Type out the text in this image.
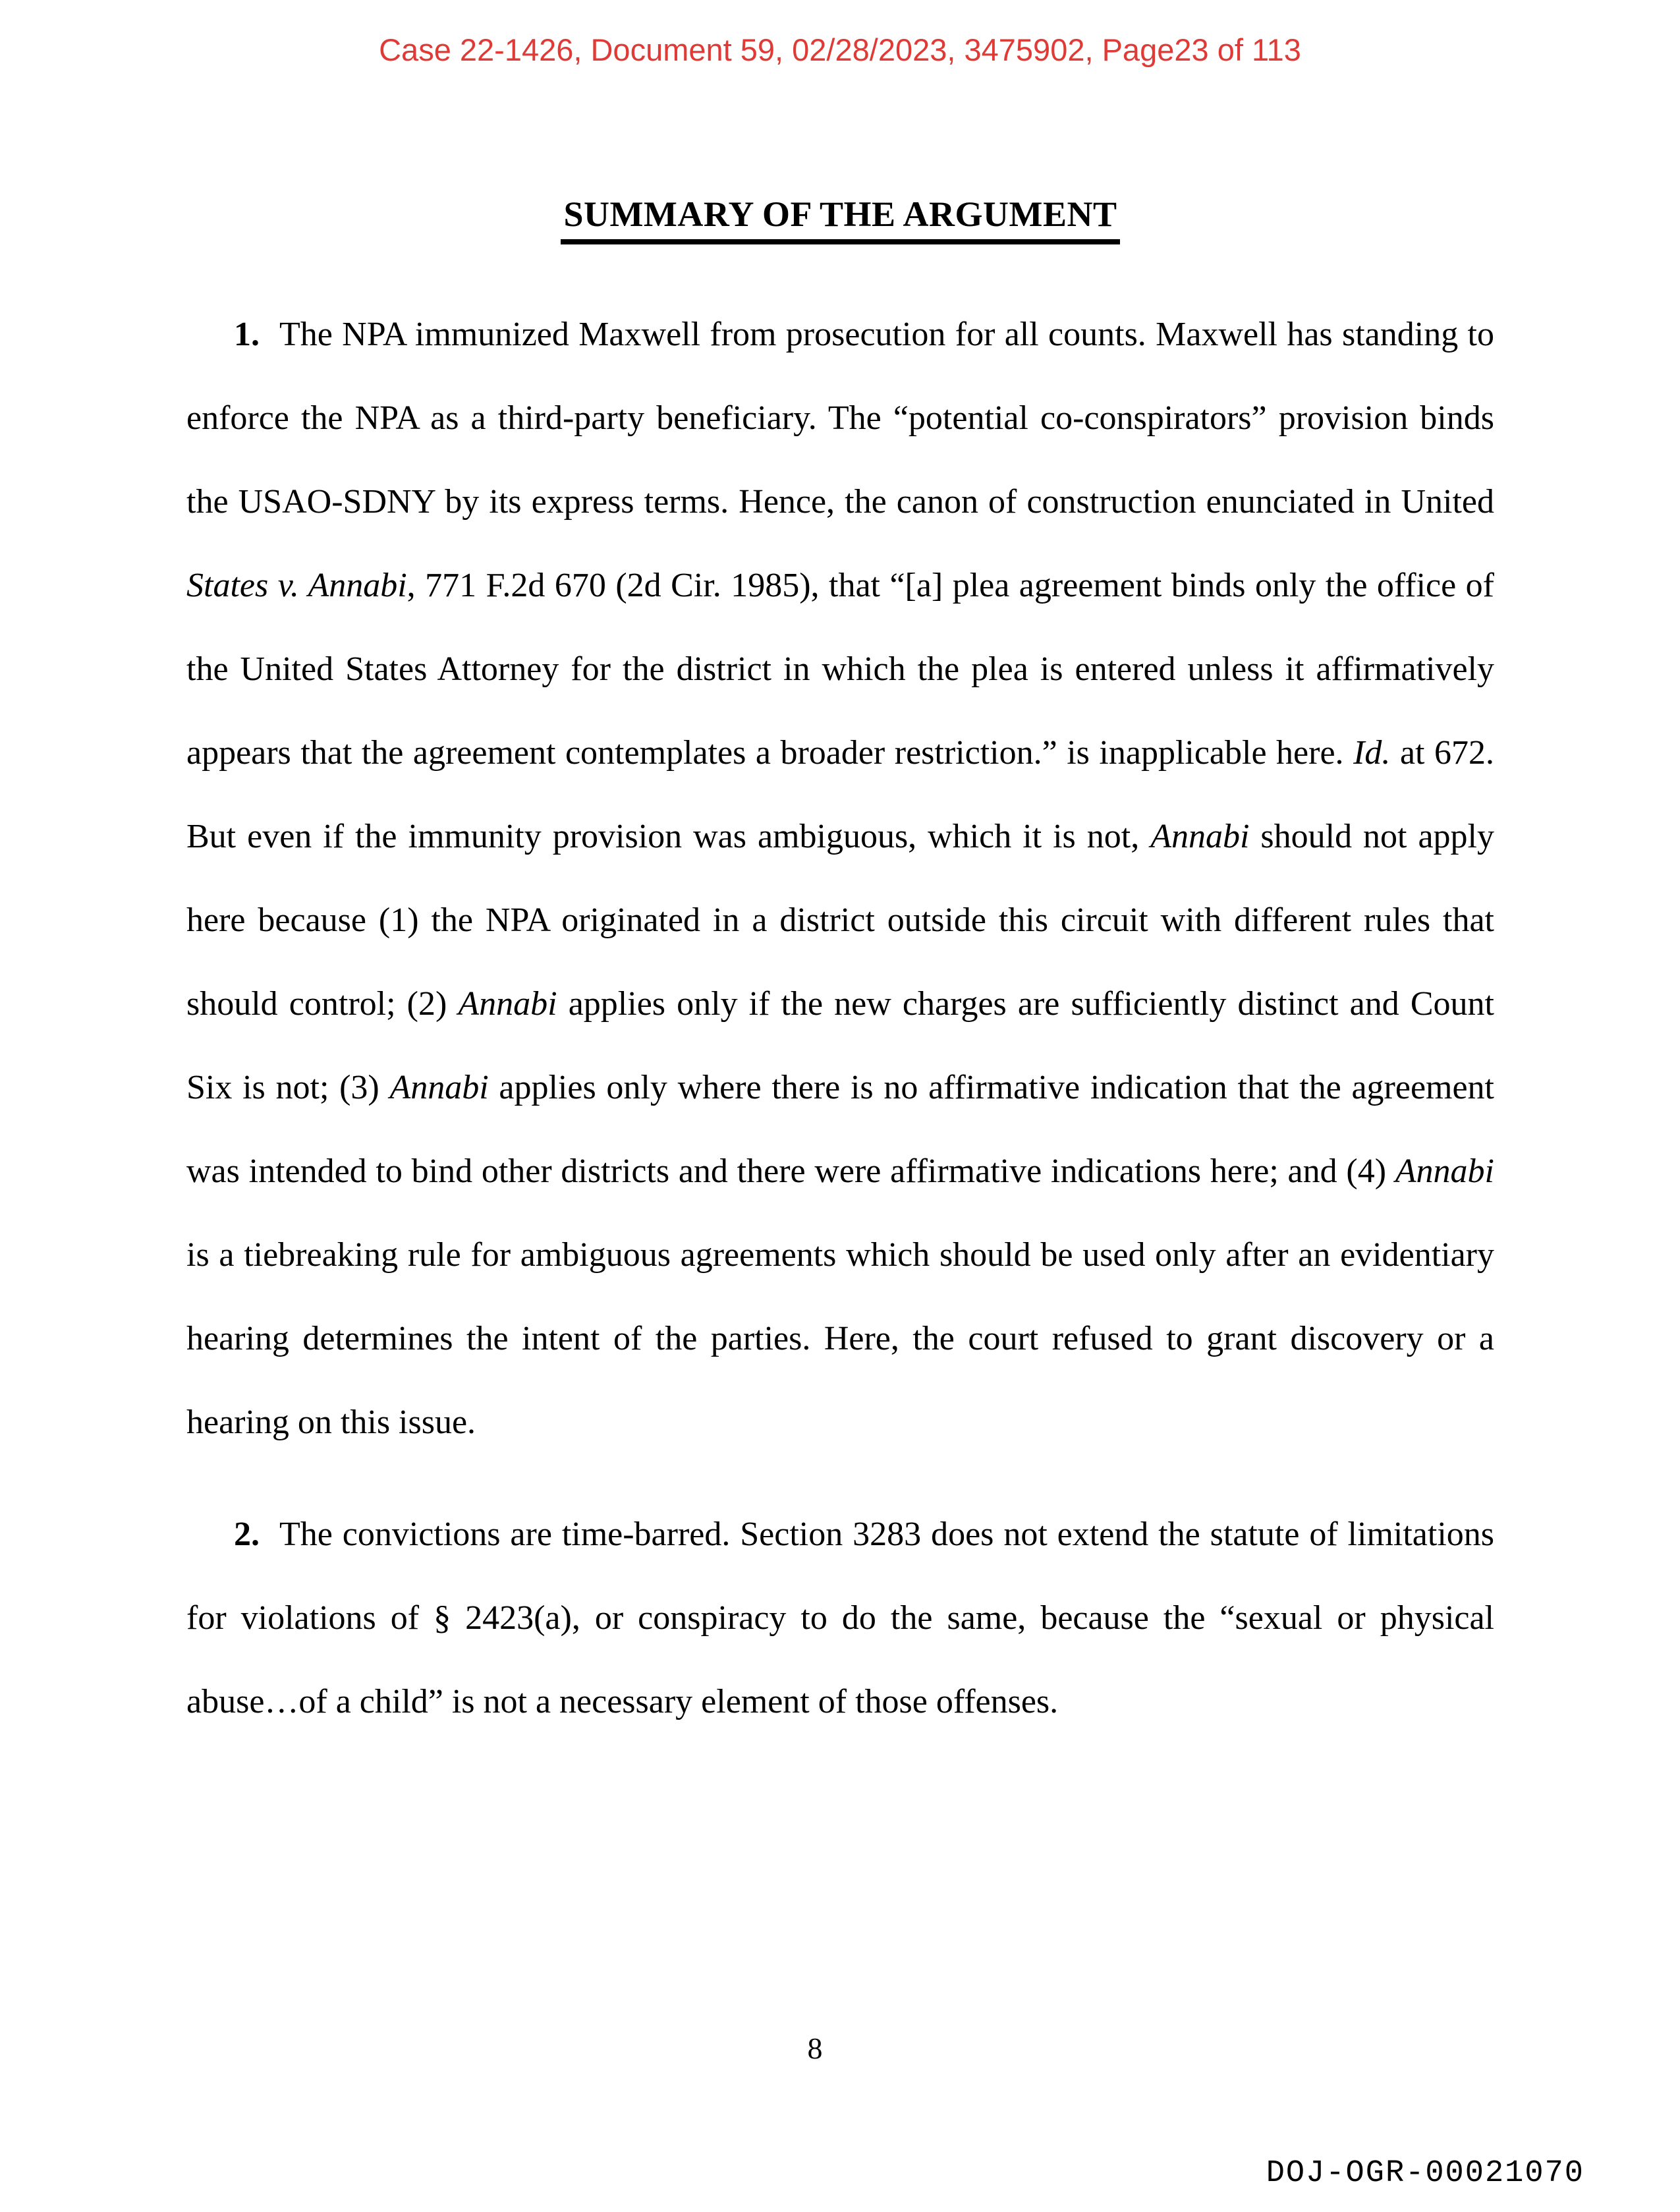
Case 22-1426, Document 59, 02/28/2023, 3475902, Page23 of 113
SUMMARY OF THE ARGUMENT

1. The NPA immunized Maxwell from prosecution for all counts. Maxwell has standing to enforce the NPA as a third-party beneficiary. The “potential co-conspirators” provision binds the USAO-SDNY by its express terms. Hence, the canon of construction enunciated in United States v. Annabi, 771 F.2d 670 (2d Cir. 1985), that “[a] plea agreement binds only the office of the United States Attorney for the district in which the plea is entered unless it affirmatively appears that the agreement contemplates a broader restriction.” is inapplicable here. Id. at 672. But even if the immunity provision was ambiguous, which it is not, Annabi should not apply here because (1) the NPA originated in a district outside this circuit with different rules that should control; (2) Annabi applies only if the new charges are sufficiently distinct and Count Six is not; (3) Annabi applies only where there is no affirmative indication that the agreement was intended to bind other districts and there were affirmative indications here; and (4) Annabi is a tiebreaking rule for ambiguous agreements which should be used only after an evidentiary hearing determines the intent of the parties. Here, the court refused to grant discovery or a hearing on this issue.

2. The convictions are time-barred. Section 3283 does not extend the statute of limitations for violations of § 2423(a), or conspiracy to do the same, because the “sexual or physical abuse…of a child” is not a necessary element of those offenses.

8
DOJ-OGR-00021070
